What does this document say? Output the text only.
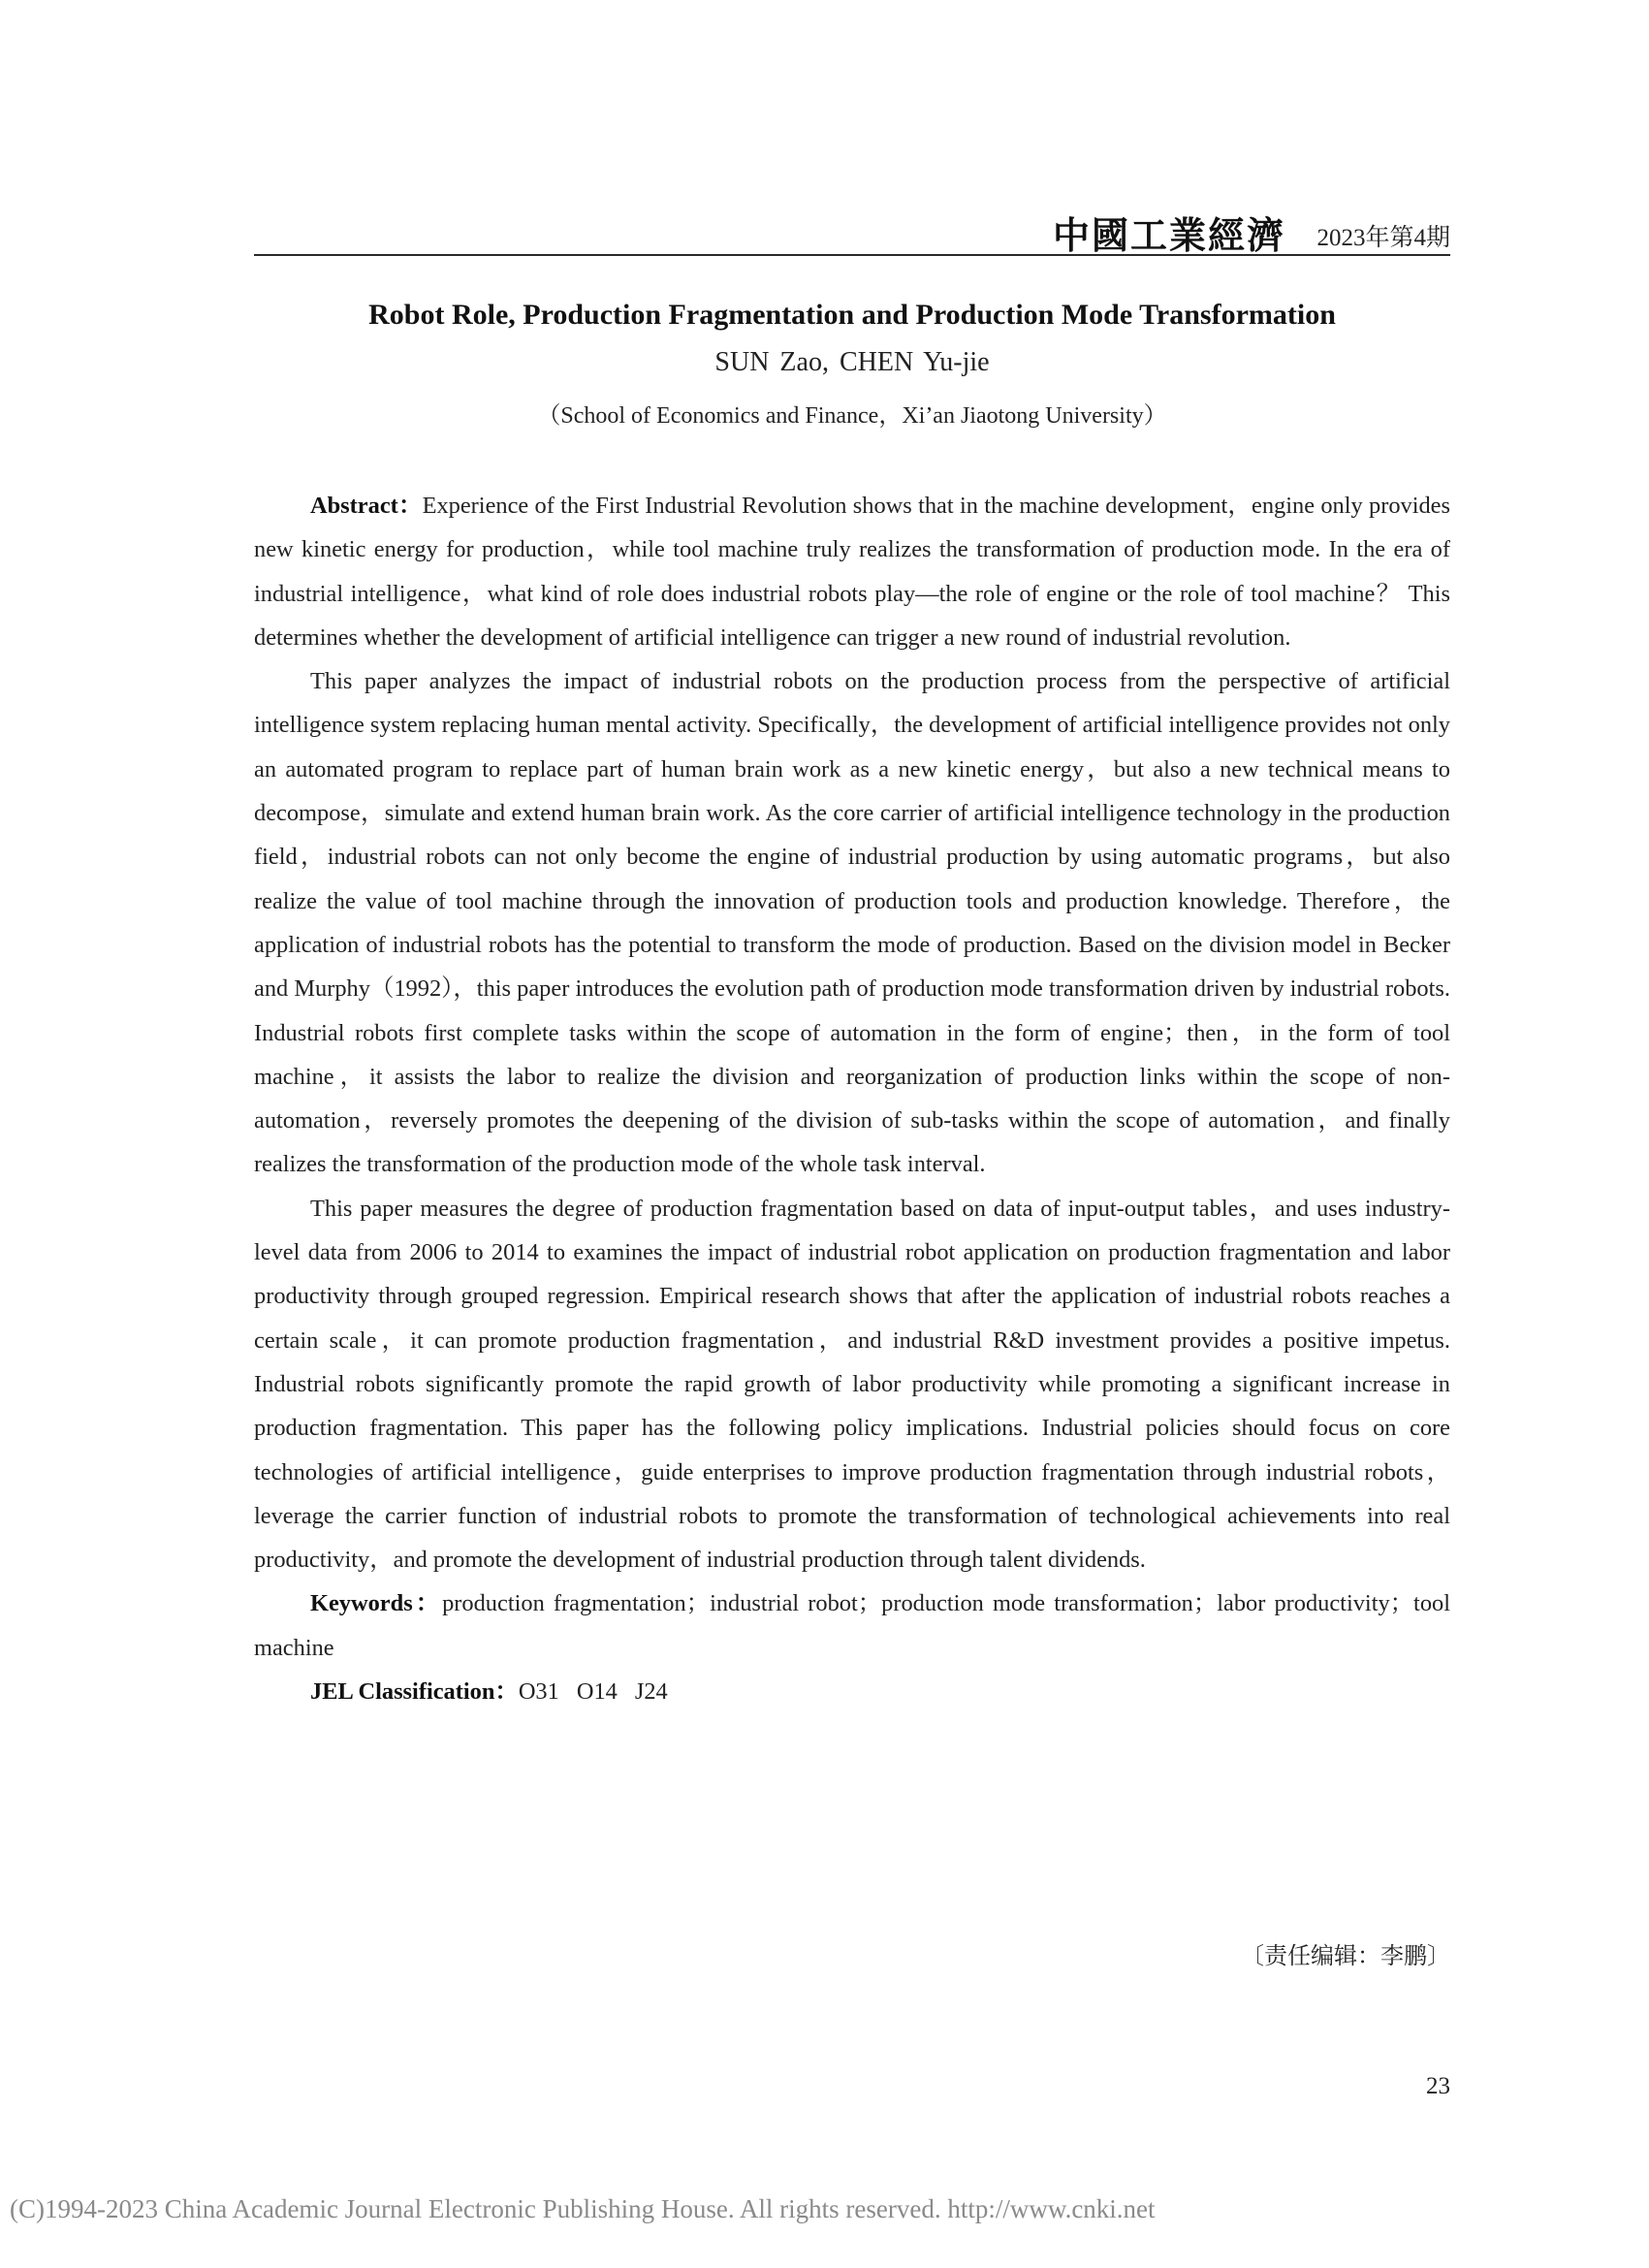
中國工業經濟 2023年第4期
Robot Role, Production Fragmentation and Production Mode Transformation
SUN Zao, CHEN Yu-jie
（School of Economics and Finance，Xi’an Jiaotong University）

Abstract：Experience of the First Industrial Revolution shows that in the machine development，engine only provides new kinetic energy for production，while tool machine truly realizes the transformation of production mode. In the era of industrial intelligence，what kind of role does industrial robots play—the role of engine or the role of tool machine？ This determines whether the development of artificial intelligence can trigger a new round of industrial revolution.

This paper analyzes the impact of industrial robots on the production process from the perspective of artificial intelligence system replacing human mental activity. Specifically，the development of artificial intelligence provides not only an automated program to replace part of human brain work as a new kinetic energy，but also a new technical means to decompose，simulate and extend human brain work. As the core carrier of artificial intelligence technology in the production field，industrial robots can not only become the engine of industrial production by using automatic programs，but also realize the value of tool machine through the innovation of production tools and production knowledge. Therefore，the application of industrial robots has the potential to transform the mode of production. Based on the division model in Becker and Murphy（1992），this paper introduces the evolution path of production mode transformation driven by industrial robots. Industrial robots first complete tasks within the scope of automation in the form of engine；then，in the form of tool machine，it assists the labor to realize the division and reorganization of production links within the scope of non-automation，reversely promotes the deepening of the division of sub-tasks within the scope of automation，and finally realizes the transformation of the production mode of the whole task interval.

This paper measures the degree of production fragmentation based on data of input-output tables，and uses industry-level data from 2006 to 2014 to examines the impact of industrial robot application on production fragmentation and labor productivity through grouped regression. Empirical research shows that after the application of industrial robots reaches a certain scale，it can promote production fragmentation，and industrial R&D investment provides a positive impetus. Industrial robots significantly promote the rapid growth of labor productivity while promoting a significant increase in production fragmentation. This paper has the following policy implications. Industrial policies should focus on core technologies of artificial intelligence，guide enterprises to improve production fragmentation through industrial robots，leverage the carrier function of industrial robots to promote the transformation of technological achievements into real productivity，and promote the development of industrial production through talent dividends.

Keywords：production fragmentation；industrial robot；production mode transformation；labor productivity；tool machine

JEL Classification：O31 O14 J24

〔责任编辑：李鹏〕
23
(C)1994-2023 China Academic Journal Electronic Publishing House. All rights reserved. http://www.cnki.net
